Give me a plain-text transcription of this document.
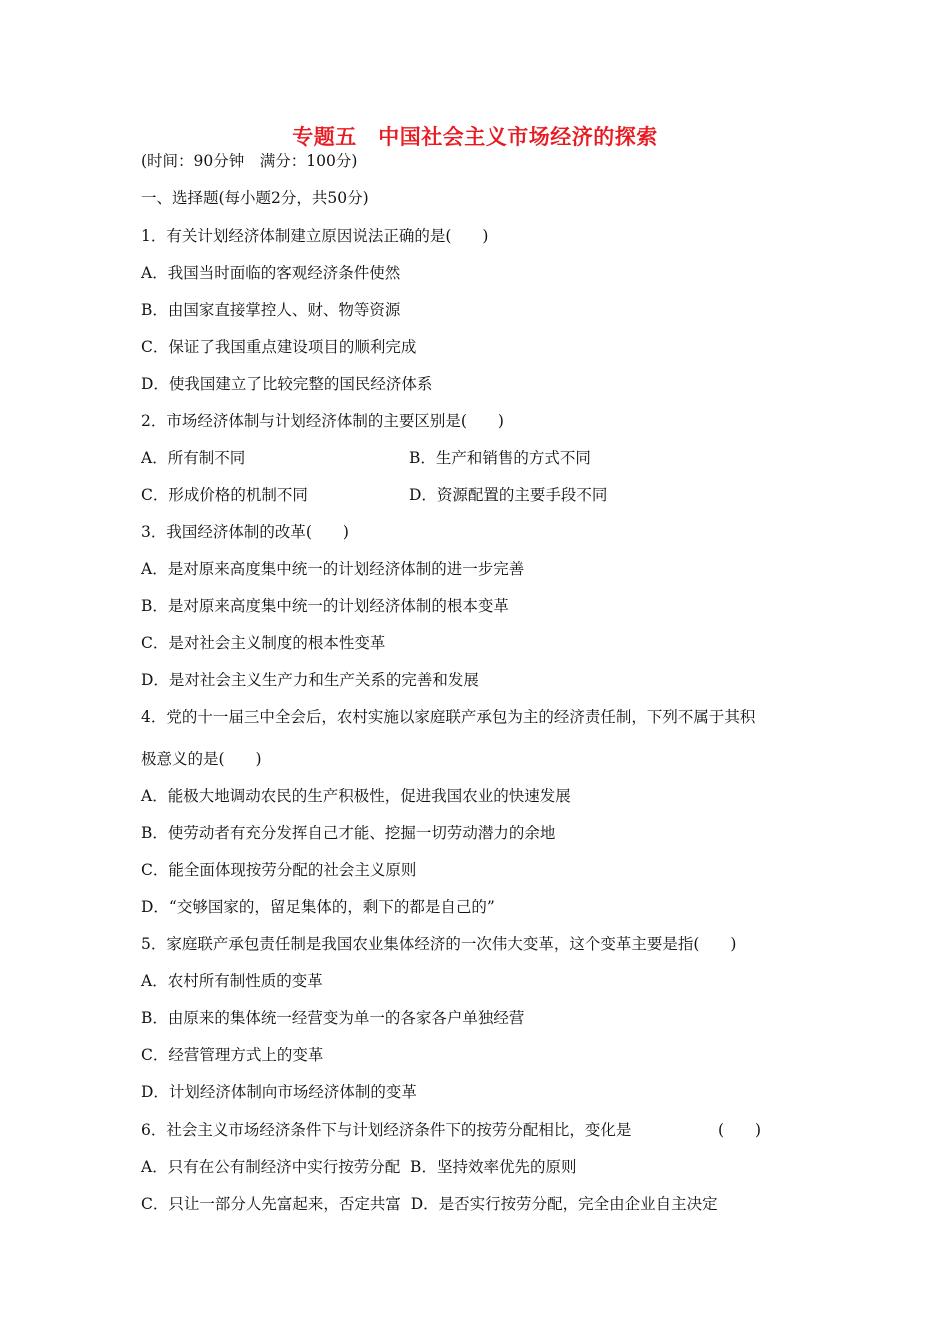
专题五　中国社会主义市场经济的探索
(时间：90分钟　满分：100分)
一、选择题(每小题2分，共50分)
1．有关计划经济体制建立原因说法正确的是(　　)
A．我国当时面临的客观经济条件使然
B．由国家直接掌控人、财、物等资源
C．保证了我国重点建设项目的顺利完成
D．使我国建立了比较完整的国民经济体系
2．市场经济体制与计划经济体制的主要区别是(　　)
A．所有制不同	B．生产和销售的方式不同
C．形成价格的机制不同	D．资源配置的主要手段不同
3．我国经济体制的改革(　　)
A．是对原来高度集中统一的计划经济体制的进一步完善
B．是对原来高度集中统一的计划经济体制的根本变革
C．是对社会主义制度的根本性变革
D．是对社会主义生产力和生产关系的完善和发展
4．党的十一届三中全会后，农村实施以家庭联产承包为主的经济责任制，下列不属于其积
极意义的是(　　)
A．能极大地调动农民的生产积极性，促进我国农业的快速发展
B．使劳动者有充分发挥自己才能、挖掘一切劳动潜力的余地
C．能全面体现按劳分配的社会主义原则
D．“交够国家的，留足集体的，剩下的都是自己的”
5．家庭联产承包责任制是我国农业集体经济的一次伟大变革，这个变革主要是指(　　)
A．农村所有制性质的变革
B．由原来的集体统一经营变为单一的各家各户单独经营
C．经营管理方式上的变革
D．计划经济体制向市场经济体制的变革
6．社会主义市场经济条件下与计划经济条件下的按劳分配相比，变化是	(　　)
A．只有在公有制经济中实行按劳分配  B．坚持效率优先的原则
C．只让一部分人先富起来，否定共富  D．是否实行按劳分配，完全由企业自主决定
